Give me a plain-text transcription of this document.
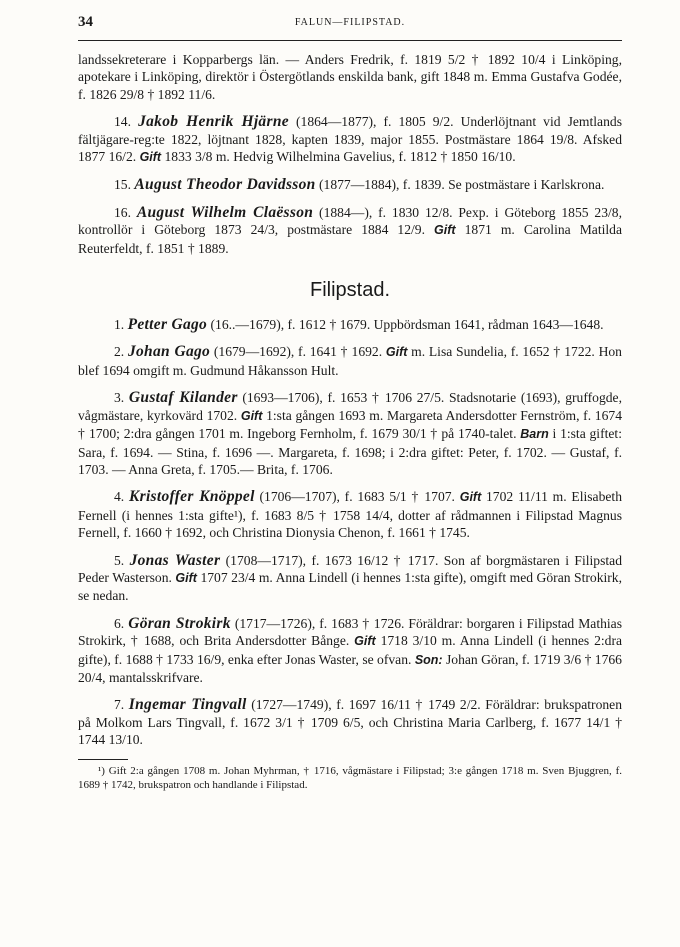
34	FALUN—FILIPSTAD.

landssekreterare i Kopparbergs län. — Anders Fredrik, f. 1819 5/2 † 1892 10/4 i Linköping, apotekare i Linköping, direktör i Östergötlands enskilda bank, gift 1848 m. Emma Gustafva Godée, f. 1826 29/8 † 1892 11/6.

14. Jakob Henrik Hjärne (1864—1877), f. 1805 9/2. Underlöjtnant vid Jemtlands fältjägare-reg:te 1822, löjtnant 1828, kapten 1839, major 1855. Postmästare 1864 19/8. Afsked 1877 16/2. Gift 1833 3/8 m. Hedvig Wilhelmina Gavelius, f. 1812 † 1850 16/10.

15. August Theodor Davidsson (1877—1884), f. 1839. Se postmästare i Karlskrona.

16. August Wilhelm Claësson (1884—), f. 1830 12/8. Pexp. i Göteborg 1855 23/8, kontrollör i Göteborg 1873 24/3, postmästare 1884 12/9. Gift 1871 m. Carolina Matilda Reuterfeldt, f. 1851 † 1889.

Filipstad.

1. Petter Gago (16..—1679), f. 1612 † 1679. Uppbördsman 1641, rådman 1643—1648.

2. Johan Gago (1679—1692), f. 1641 † 1692. Gift m. Lisa Sundelia, f. 1652 † 1722. Hon blef 1694 omgift m. Gudmund Håkansson Hult.

3. Gustaf Kilander (1693—1706), f. 1653 † 1706 27/5. Stadsnotarie (1693), gruffogde, vågmästare, kyrkovärd 1702. Gift 1:sta gången 1693 m. Margareta Andersdotter Fernström, f. 1674 † 1700; 2:dra gången 1701 m. Ingeborg Fernholm, f. 1679 30/1 † på 1740-talet. Barn i 1:sta giftet: Sara, f. 1694. — Stina, f. 1696 —. Margareta, f. 1698; i 2:dra giftet: Peter, f. 1702. — Gustaf, f. 1703. — Anna Greta, f. 1705.— Brita, f. 1706.

4. Kristoffer Knöppel (1706—1707), f. 1683 5/1 † 1707. Gift 1702 11/11 m. Elisabeth Fernell (i hennes 1:sta gifte¹), f. 1683 8/5 † 1758 14/4, dotter af rådmannen i Filipstad Magnus Fernell, f. 1660 † 1692, och Christina Dionysia Chenon, f. 1661 † 1745.

5. Jonas Waster (1708—1717), f. 1673 16/12 † 1717. Son af borgmästaren i Filipstad Peder Wasterson. Gift 1707 23/4 m. Anna Lindell (i hennes 1:sta gifte), omgift med Göran Strokirk, se nedan.

6. Göran Strokirk (1717—1726), f. 1683 † 1726. Föräldrar: borgaren i Filipstad Mathias Strokirk, † 1688, och Brita Andersdotter Bånge. Gift 1718 3/10 m. Anna Lindell (i hennes 2:dra gifte), f. 1688 † 1733 16/9, enka efter Jonas Waster, se ofvan. Son: Johan Göran, f. 1719 3/6 † 1766 20/4, mantalsskrifvare.

7. Ingemar Tingvall (1727—1749), f. 1697 16/11 † 1749 2/2. Föräldrar: brukspatronen på Molkom Lars Tingvall, f. 1672 3/1 † 1709 6/5, och Christina Maria Carlberg, f. 1677 14/1 † 1744 13/10.

¹) Gift 2:a gången 1708 m. Johan Myhrman, † 1716, vågmästare i Filipstad; 3:e gången 1718 m. Sven Bjuggren, f. 1689 † 1742, brukspatron och handlande i Filipstad.
